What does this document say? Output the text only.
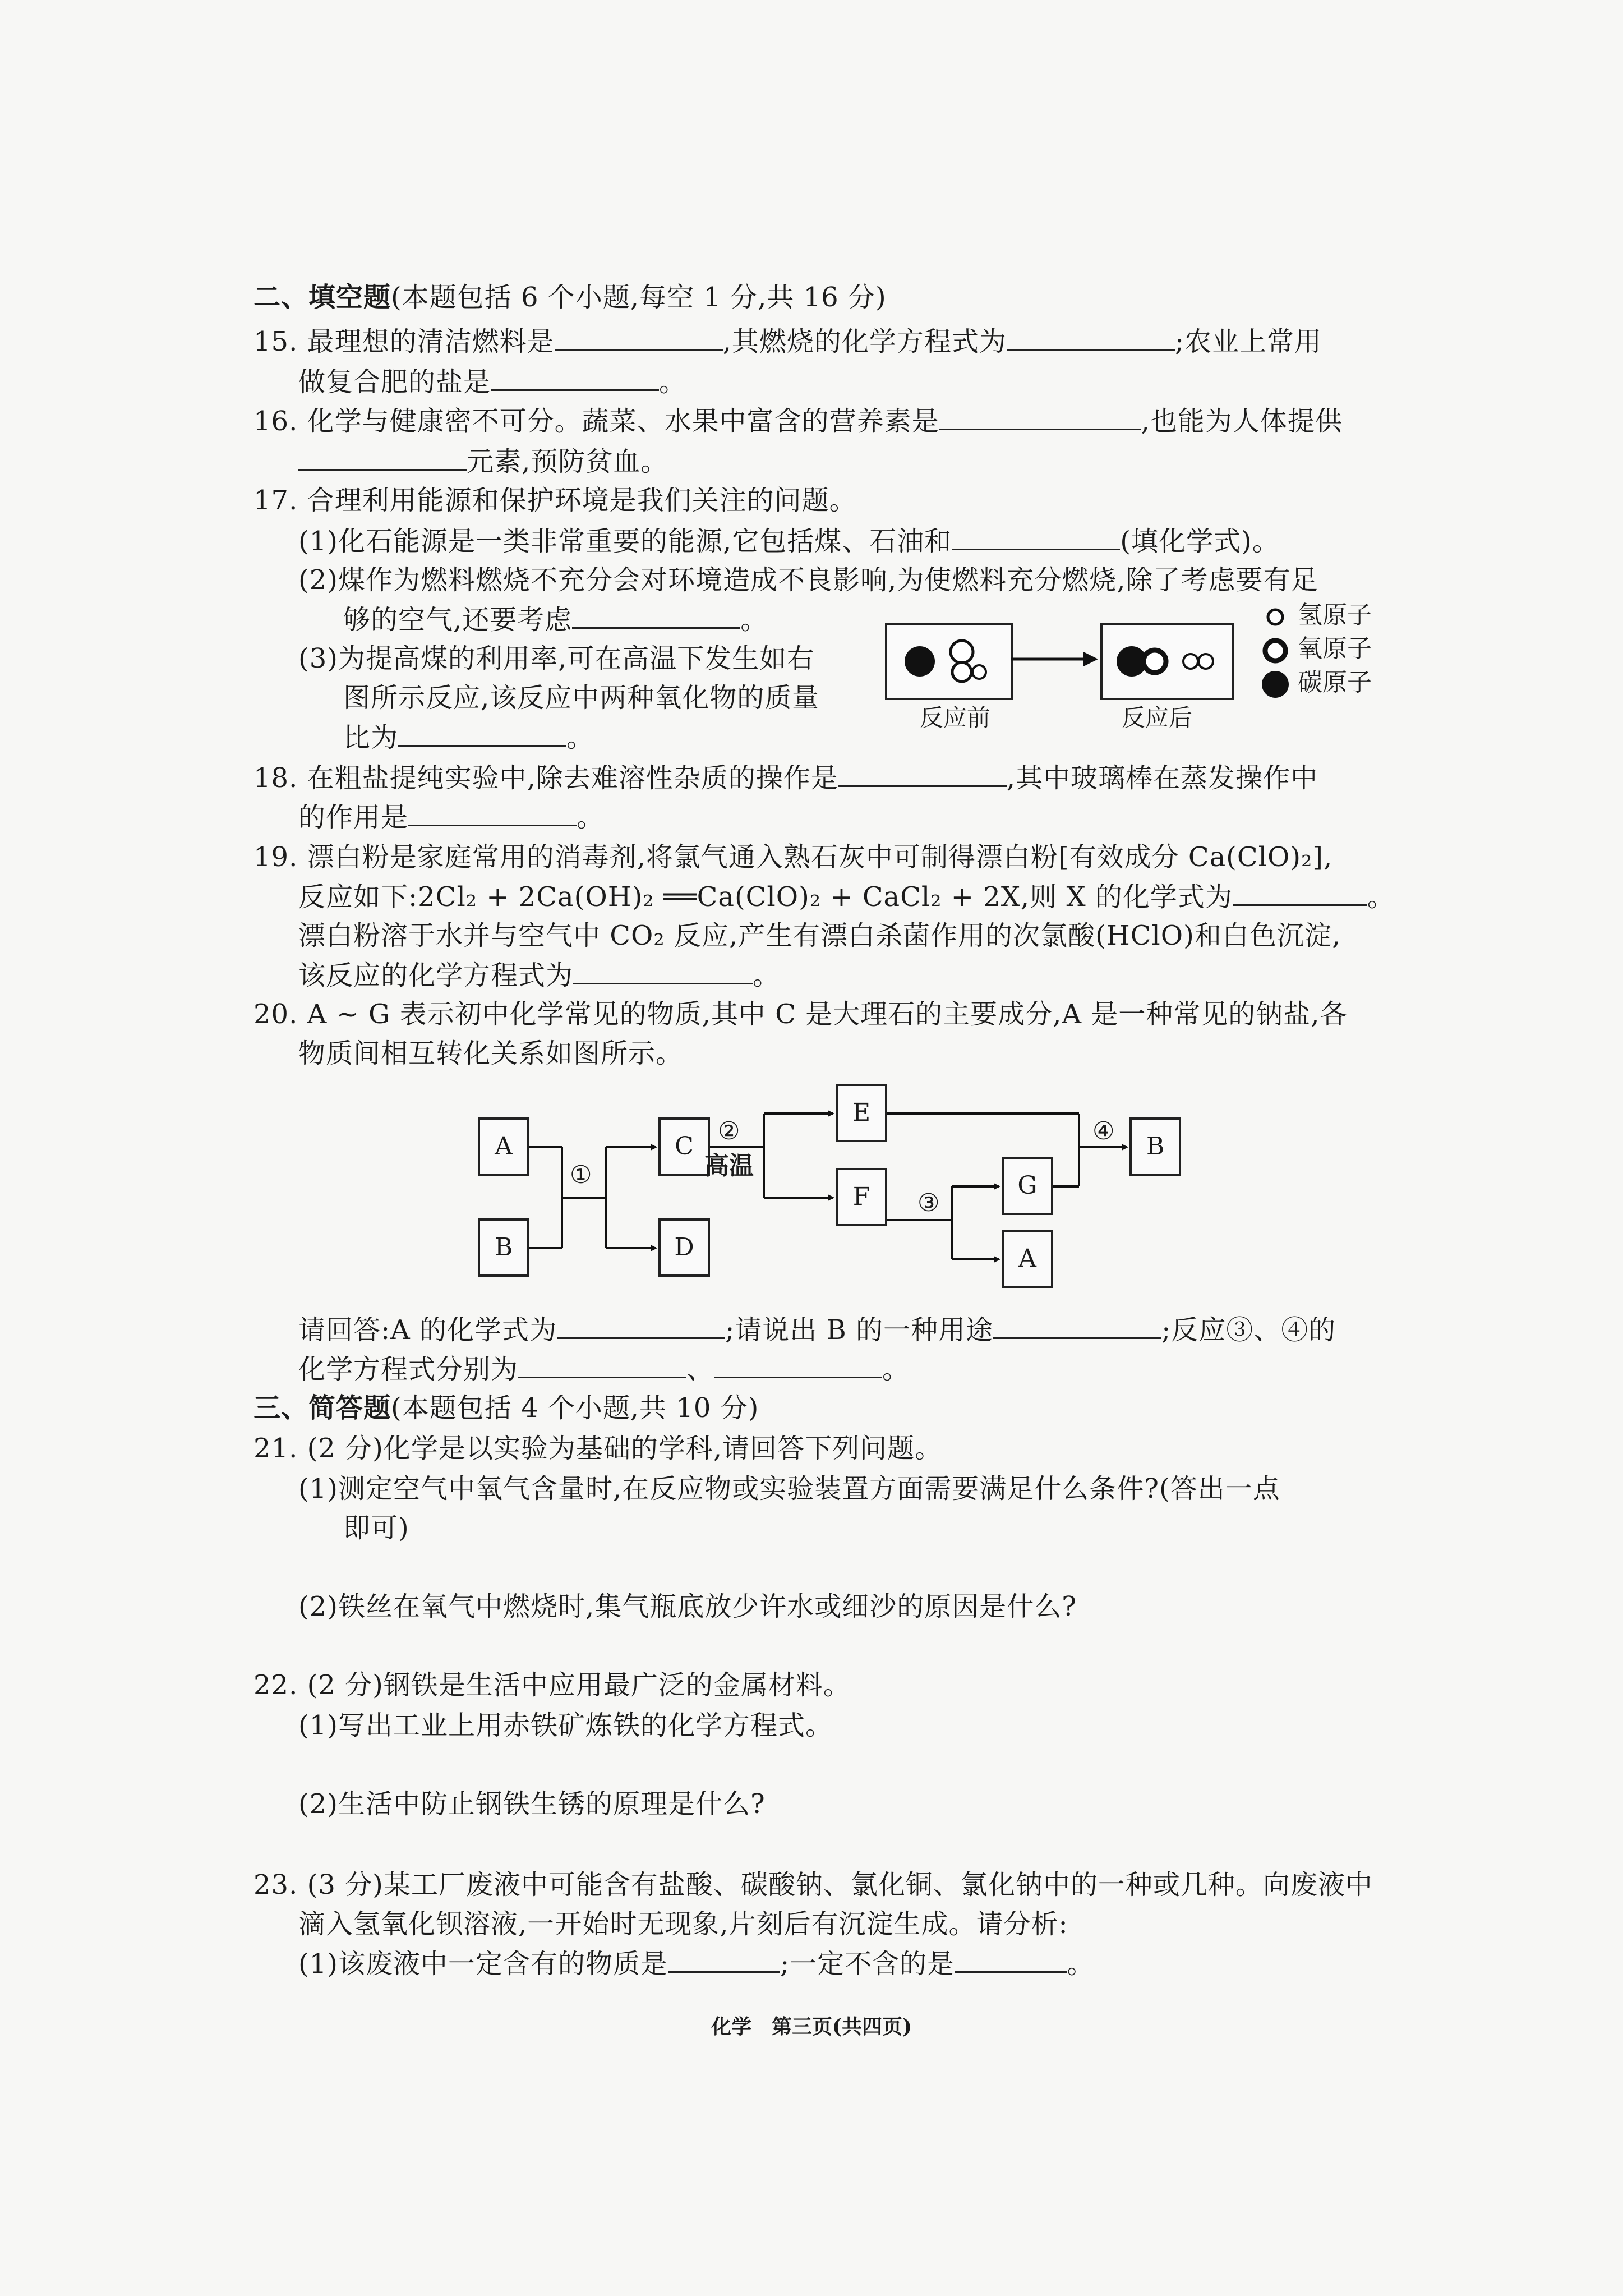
二、填空题(本题包括 6 个小题,每空 1 分,共 16 分)
15. 最理想的清洁燃料是	,其燃烧的化学方程式为	;农业上常用
做复合肥的盐是	。
16. 化学与健康密不可分。蔬菜、水果中富含的营养素是	,也能为人体提供
元素,预防贫血。
17. 合理利用能源和保护环境是我们关注的问题。
(1)化石能源是一类非常重要的能源,它包括煤、石油和	(填化学式)。
(2)煤作为燃料燃烧不充分会对环境造成不良影响,为使燃料充分燃烧,除了考虑要有足
够的空气,还要考虑	。
(3)为提高煤的利用率,可在高温下发生如右
图所示反应,该反应中两种氧化物的质量
比为	。
反应前	反应后
氢原子
氧原子
碳原子
18. 在粗盐提纯实验中,除去难溶性杂质的操作是	,其中玻璃棒在蒸发操作中
的作用是	。
19. 漂白粉是家庭常用的消毒剂,将氯气通入熟石灰中可制得漂白粉[有效成分 Ca(ClO)₂],
反应如下:2Cl₂ + 2Ca(OH)₂ ══Ca(ClO)₂ + CaCl₂ + 2X,则 X 的化学式为	。
漂白粉溶于水并与空气中 CO₂ 反应,产生有漂白杀菌作用的次氯酸(HClO)和白色沉淀,
该反应的化学方程式为	。
20. A ~ G 表示初中化学常见的物质,其中 C 是大理石的主要成分,A 是一种常见的钠盐,各
物质间相互转化关系如图所示。
A
B
C
D
E
F	G
A
B
①
②
高温
③
④
请回答:A 的化学式为	;请说出 B 的一种用途	;反应③、④的
化学方程式分别为	、	。
三、简答题(本题包括 4 个小题,共 10 分)
21. (2 分)化学是以实验为基础的学科,请回答下列问题。
(1)测定空气中氧气含量时,在反应物或实验装置方面需要满足什么条件?(答出一点
即可)
(2)铁丝在氧气中燃烧时,集气瓶底放少许水或细沙的原因是什么?
22. (2 分)钢铁是生活中应用最广泛的金属材料。
(1)写出工业上用赤铁矿炼铁的化学方程式。
(2)生活中防止钢铁生锈的原理是什么?
23. (3 分)某工厂废液中可能含有盐酸、碳酸钠、氯化铜、氯化钠中的一种或几种。向废液中
滴入氢氧化钡溶液,一开始时无现象,片刻后有沉淀生成。请分析:
(1)该废液中一定含有的物质是	;一定不含的是	。
化学　第三页(共四页)
